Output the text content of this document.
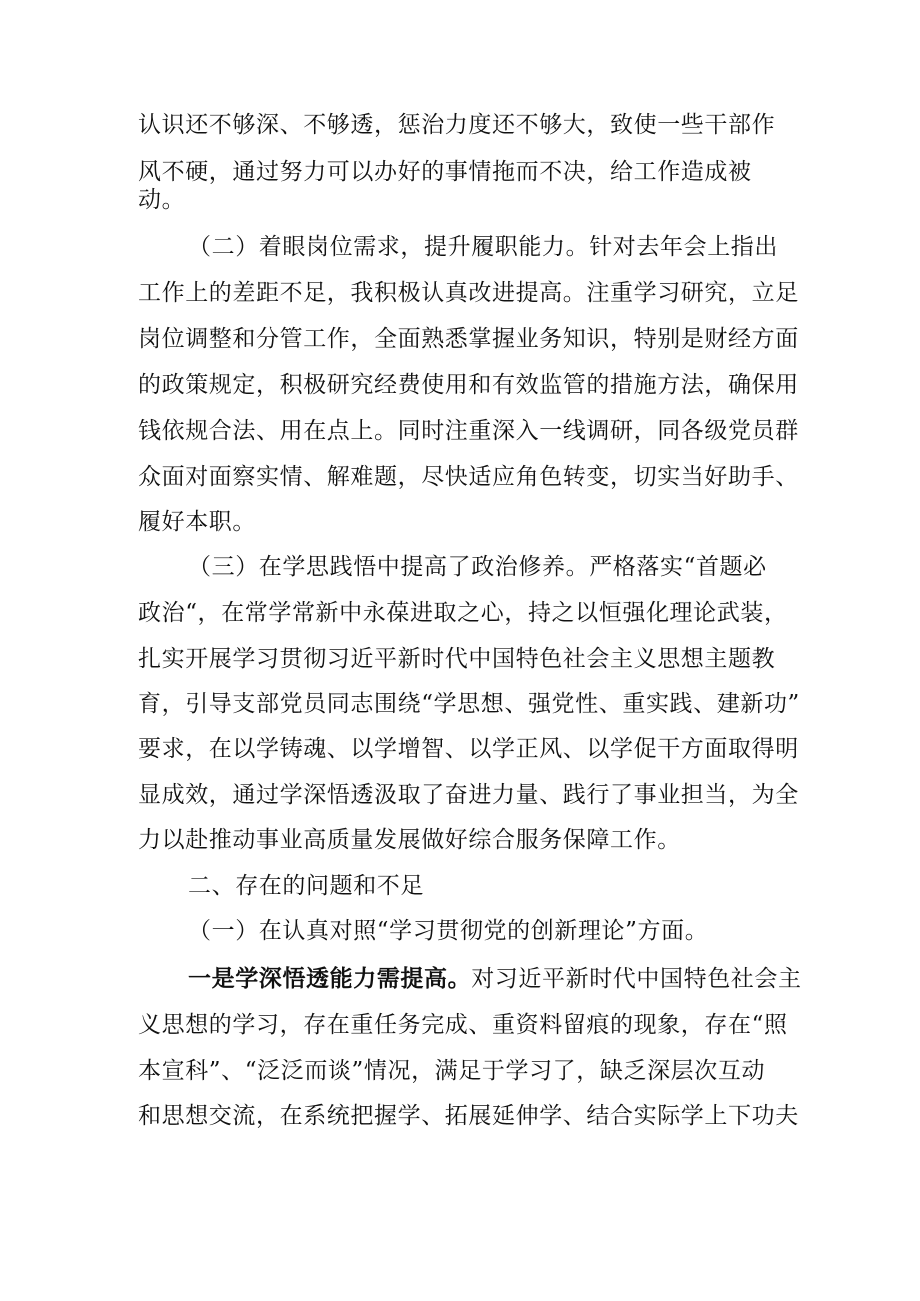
认识还不够深、不够透，惩治力度还不够大，致使一些干部作
风不硬，通过努力可以办好的事情拖而不决，给工作造成被
动。
（二）着眼岗位需求，提升履职能力。针对去年会上指出
工作上的差距不足，我积极认真改进提高。注重学习研究，立足
岗位调整和分管工作，全面熟悉掌握业务知识，特别是财经方面
的政策规定，积极研究经费使用和有效监管的措施方法，确保用
钱依规合法、用在点上。同时注重深入一线调研，同各级党员群
众面对面察实情、解难题，尽快适应角色转变，切实当好助手、
履好本职。
（三）在学思践悟中提高了政治修养。严格落实“首题必
政治“，在常学常新中永葆进取之心，持之以恒强化理论武装，
扎实开展学习贯彻习近平新时代中国特色社会主义思想主题教
育，引导支部党员同志围绕“学思想、强党性、重实践、建新功”
要求，在以学铸魂、以学增智、以学正风、以学促干方面取得明
显成效，通过学深悟透汲取了奋进力量、践行了事业担当，为全
力以赴推动事业高质量发展做好综合服务保障工作。
二、存在的问题和不足
（一）在认真对照“学习贯彻党的创新理论”方面。
一是学深悟透能力需提高。对习近平新时代中国特色社会主
义思想的学习，存在重任务完成、重资料留痕的现象，存在“照
本宣科”、“泛泛而谈”情况，满足于学习了，缺乏深层次互动
和思想交流，在系统把握学、拓展延伸学、结合实际学上下功夫
